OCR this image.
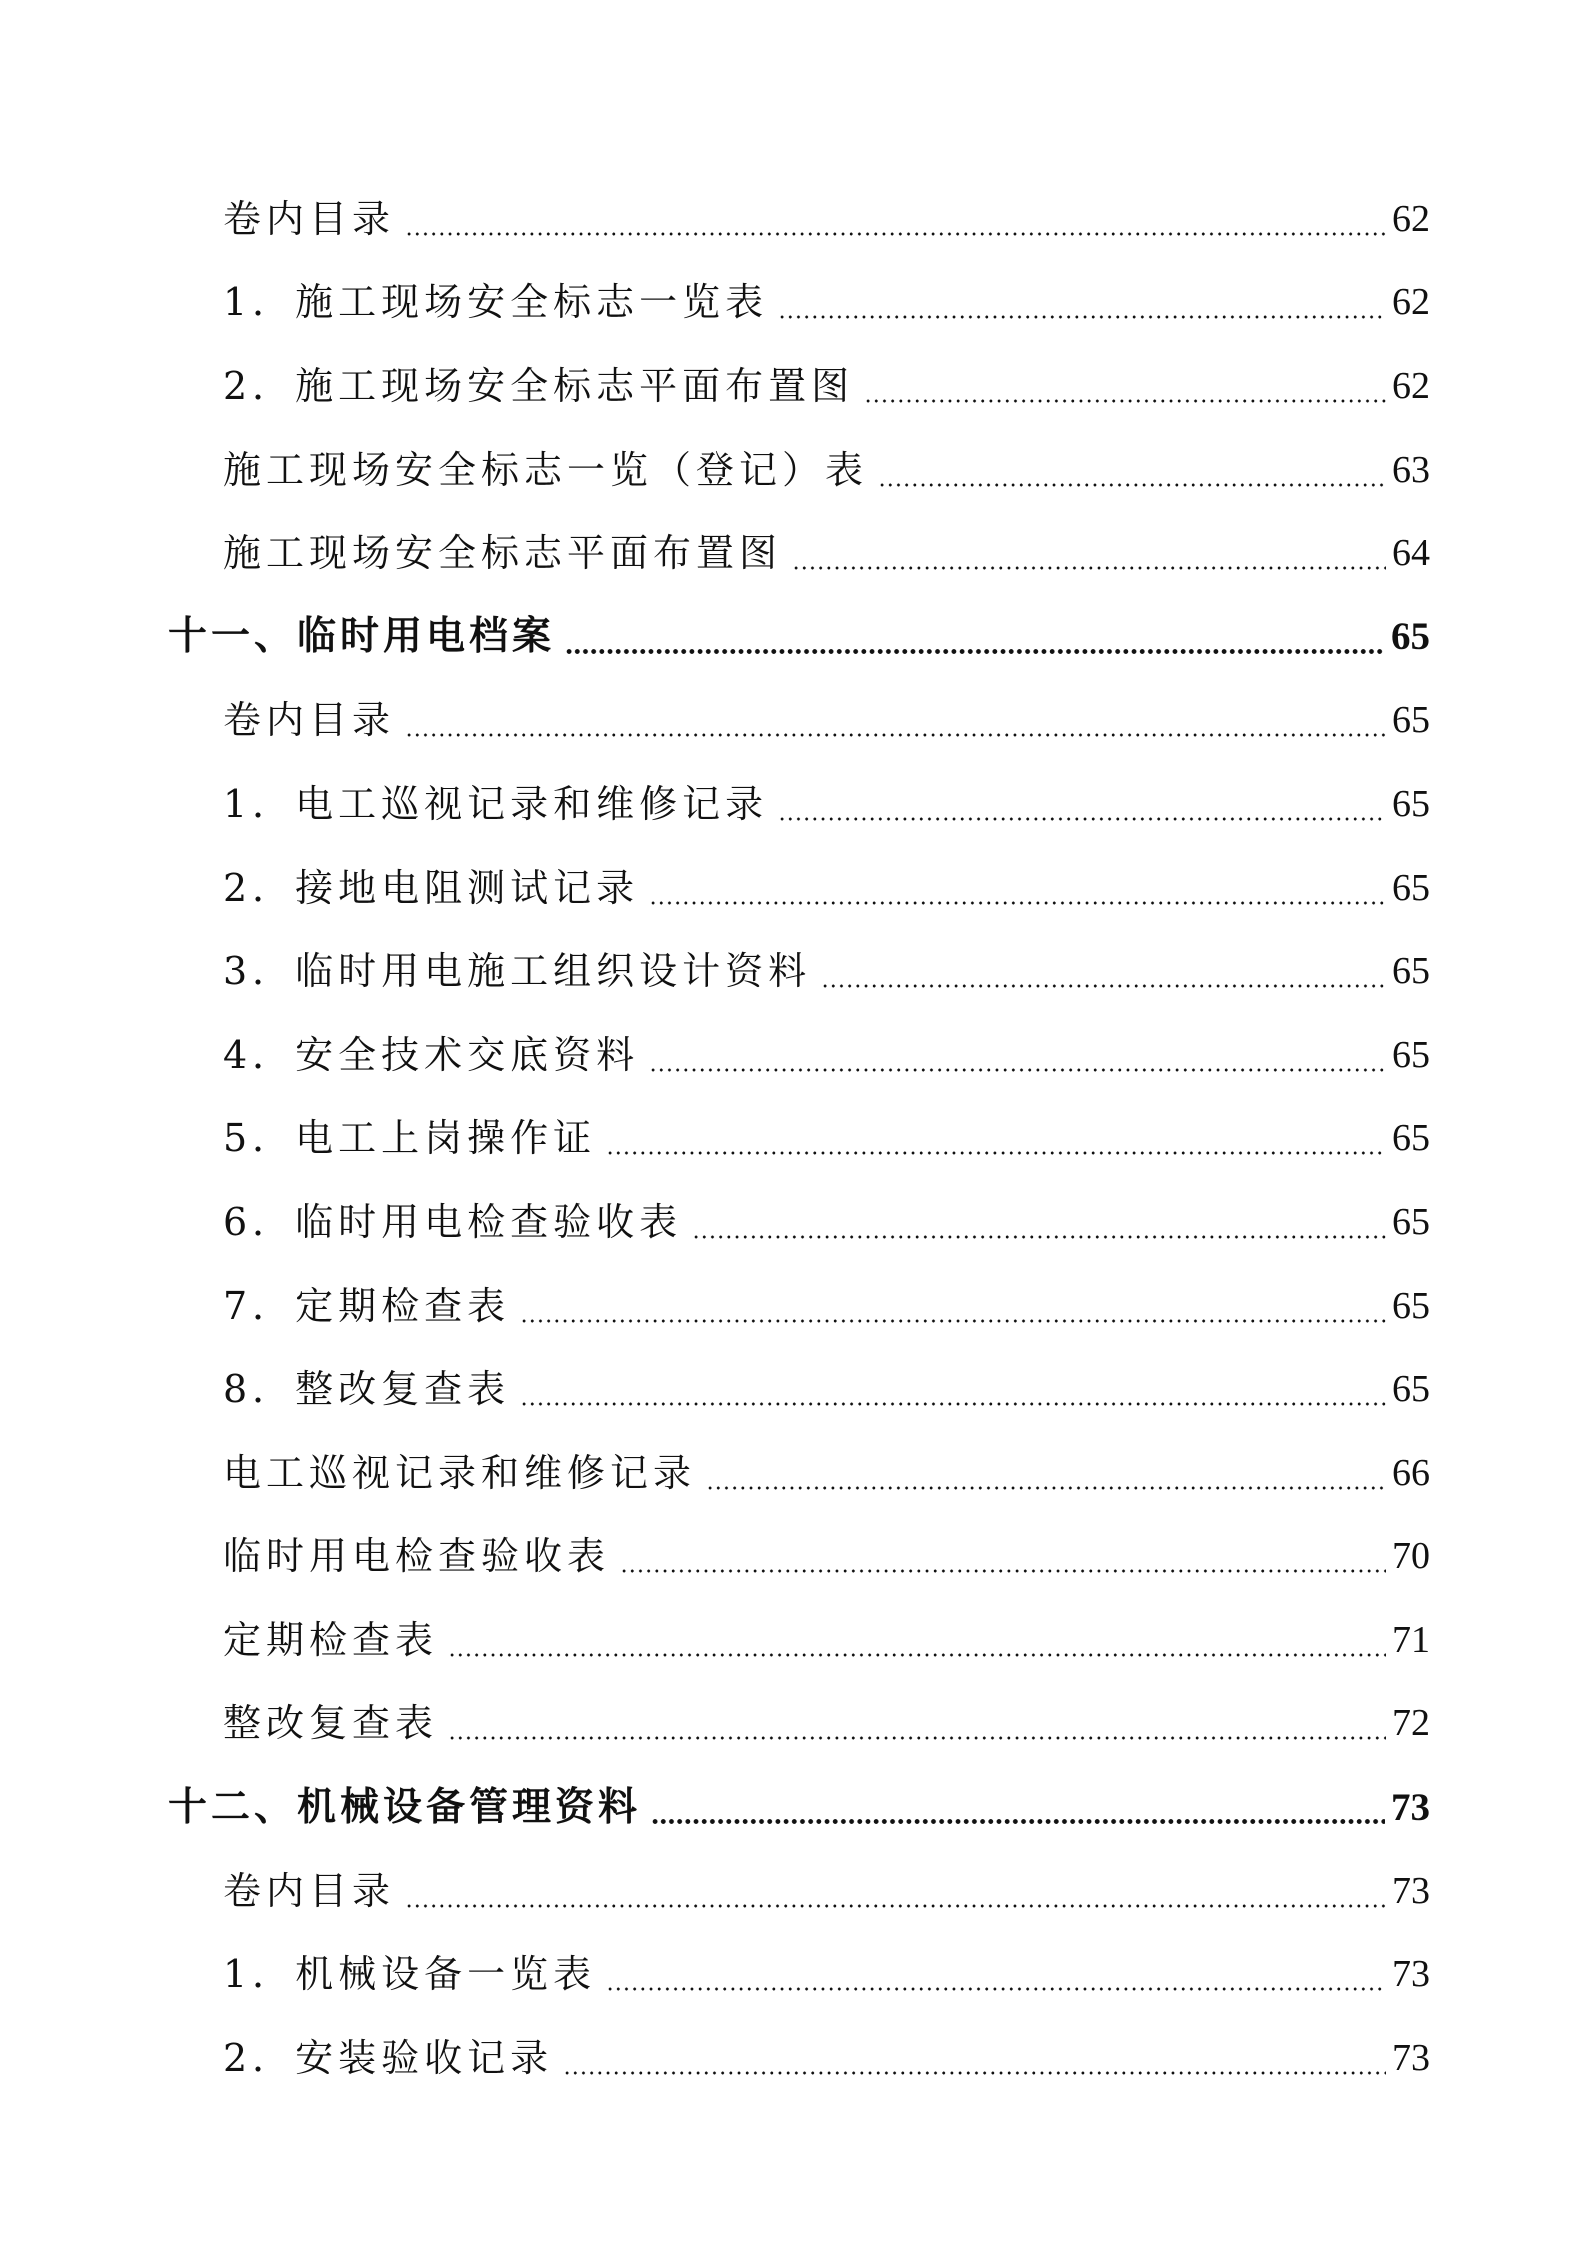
卷内目录	62
1．施工现场安全标志一览表	62
2．施工现场安全标志平面布置图	62
施工现场安全标志一览（登记）表	63
施工现场安全标志平面布置图	64
十一、临时用电档案	65
卷内目录	65
1．电工巡视记录和维修记录	65
2．接地电阻测试记录	65
3．临时用电施工组织设计资料	65
4．安全技术交底资料	65
5．电工上岗操作证	65
6．临时用电检查验收表	65
7．定期检查表	65
8．整改复查表	65
电工巡视记录和维修记录	66
临时用电检查验收表	70
定期检查表	71
整改复查表	72
十二、机械设备管理资料	73
卷内目录	73
1．机械设备一览表	73
2．安装验收记录	73
